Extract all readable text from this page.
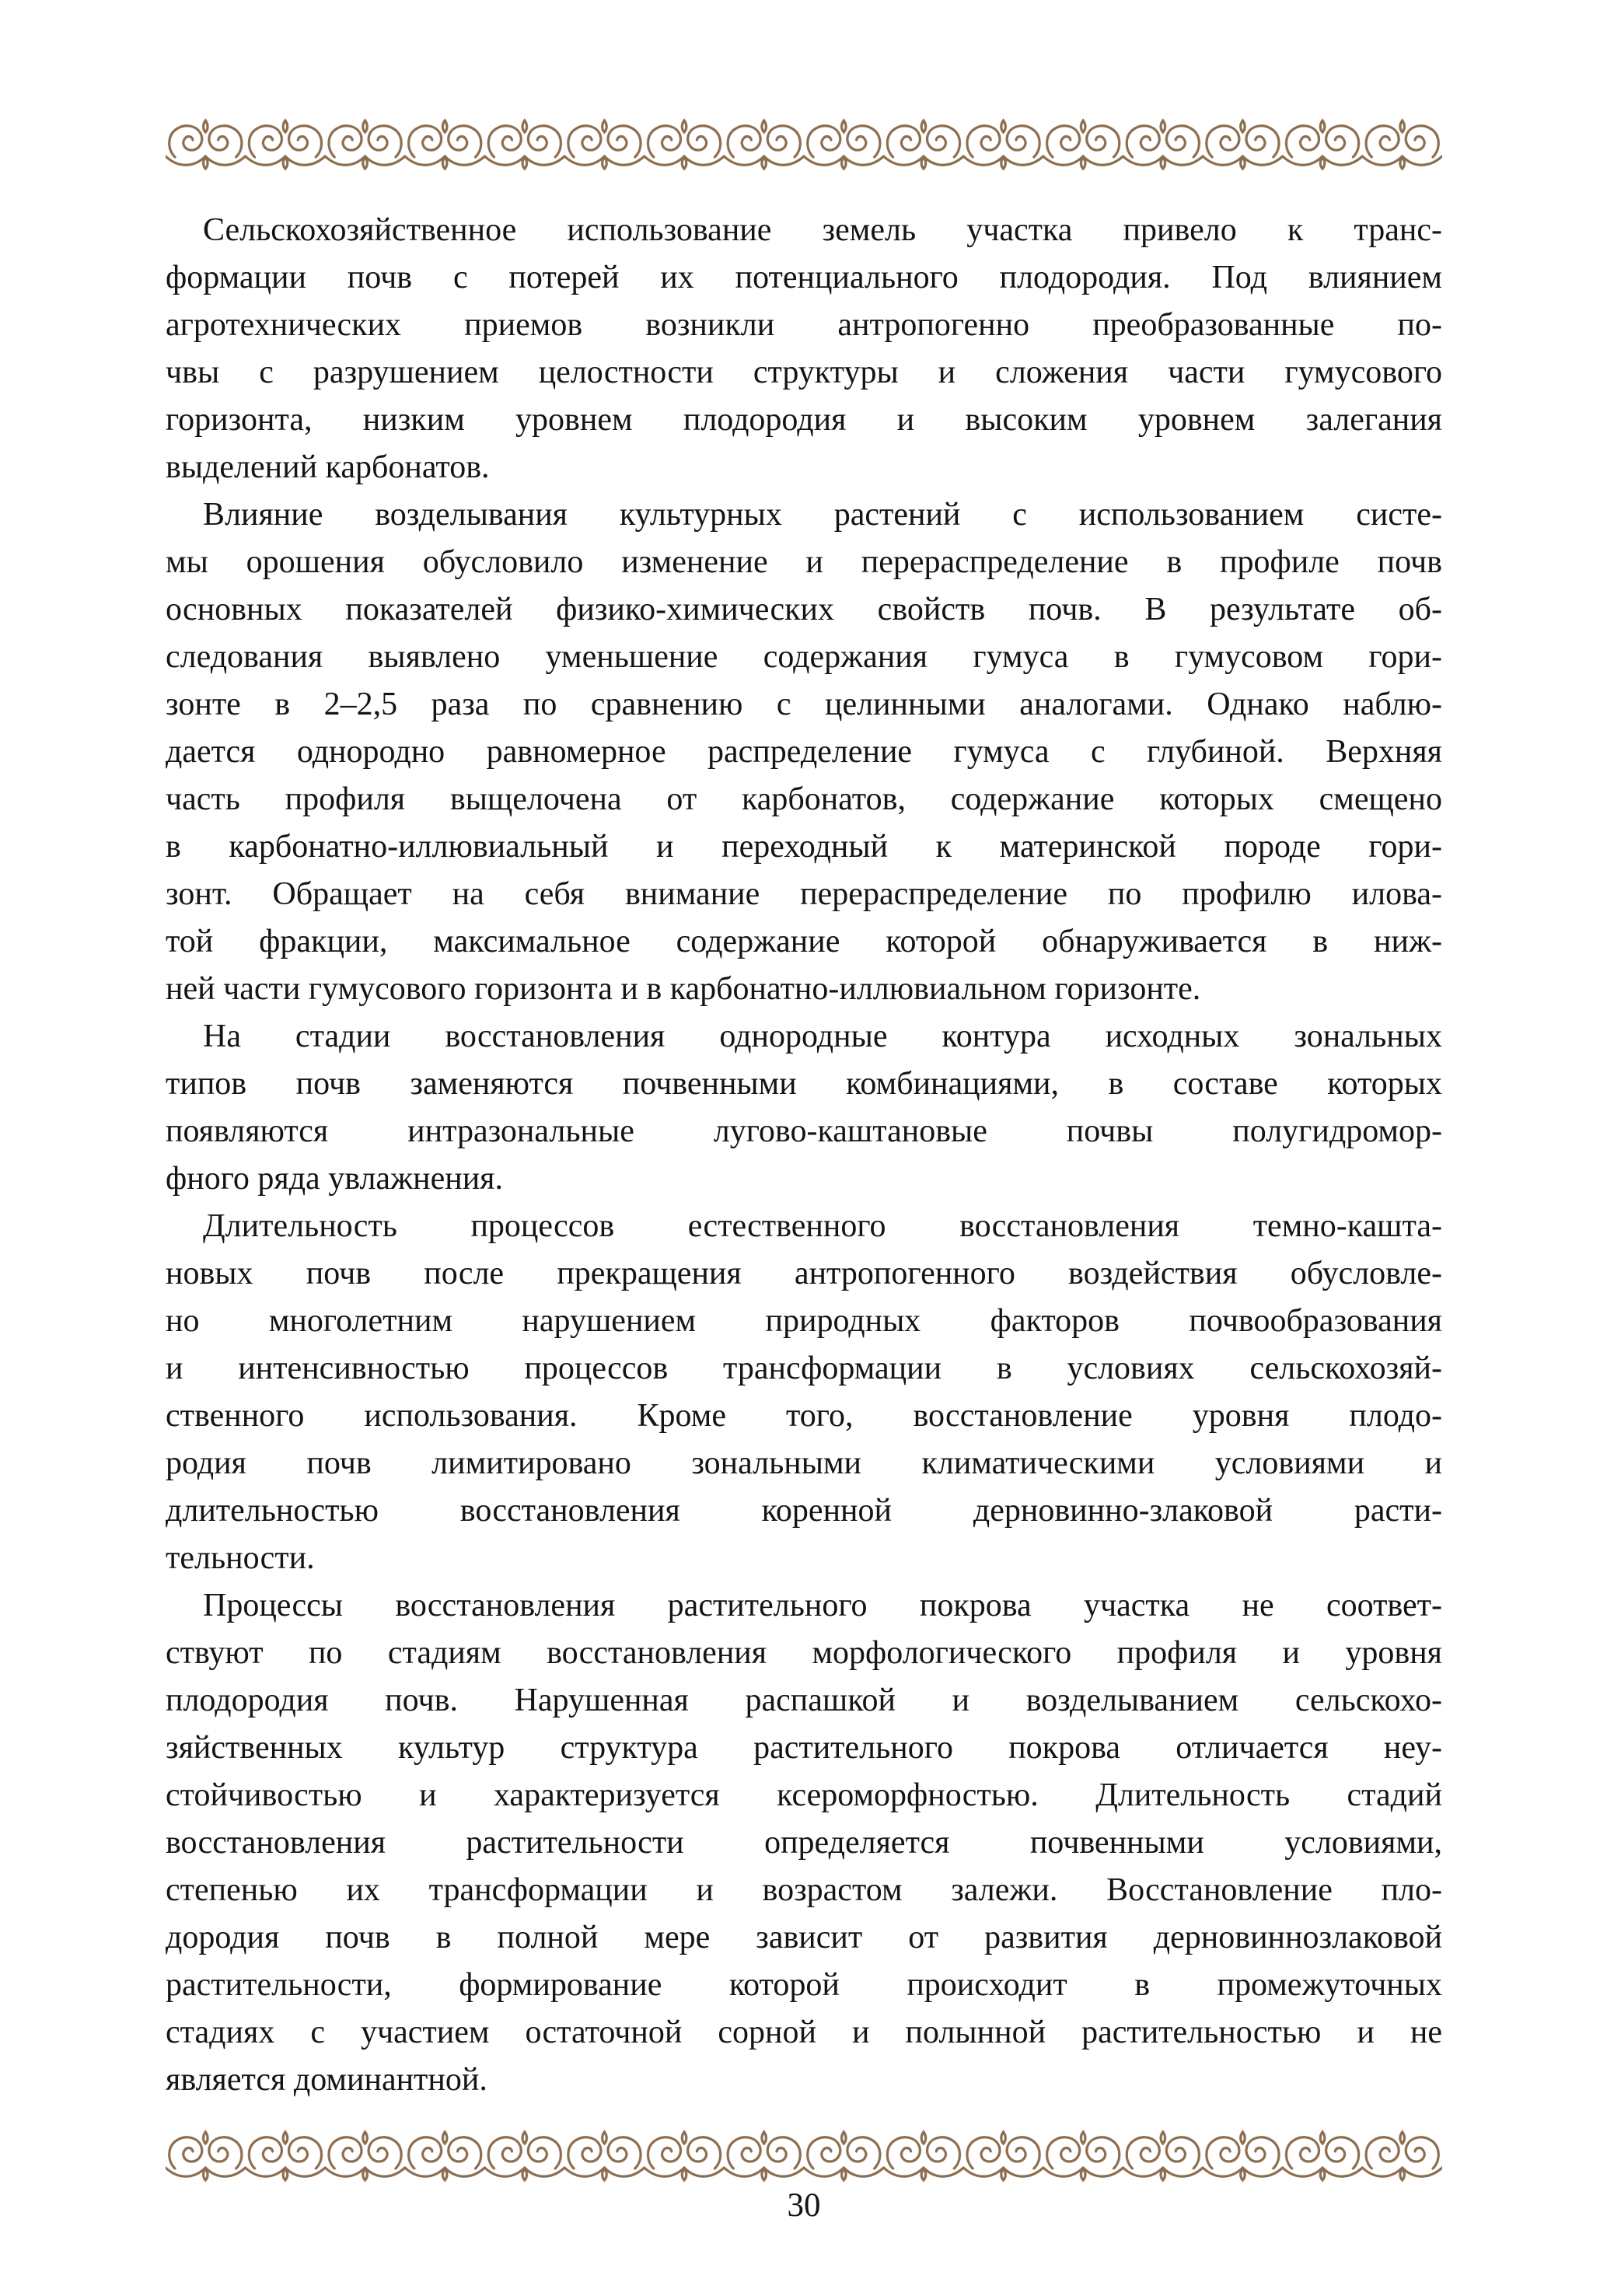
Сельскохозяйственное использование земель участка привело к транс-
формации почв с потерей их потенциального плодородия. Под влиянием
агротехнических приемов возникли антропогенно преобразованные по-
чвы с разрушением целостности структуры и сложения части гумусового
горизонта, низким уровнем плодородия и высоким уровнем залегания
выделений карбонатов.
Влияние возделывания культурных растений с использованием систе-
мы орошения обусловило изменение и перераспределение в профиле почв
основных показателей физико-химических свойств почв. В результате об-
следования выявлено уменьшение содержания гумуса в гумусовом гори-
зонте в 2–2,5 раза по сравнению с целинными аналогами. Однако наблю-
дается однородно равномерное распределение гумуса с глубиной. Верхняя
часть профиля выщелочена от карбонатов, содержание которых смещено
в карбонатно-иллювиальный и переходный к материнской породе гори-
зонт. Обращает на себя внимание перераспределение по профилю илова-
той фракции, максимальное содержание которой обнаруживается в ниж-
ней части гумусового горизонта и в карбонатно-иллювиальном горизонте.
На стадии восстановления однородные контура исходных зональных
типов почв заменяются почвенными комбинациями, в составе которых
появляются интразональные лугово-каштановые почвы полугидромор-
фного ряда увлажнения.
Длительность процессов естественного восстановления темно-кашта-
новых почв после прекращения антропогенного воздействия обусловле-
но многолетним нарушением природных факторов почвообразования
и интенсивностью процессов трансформации в условиях сельскохозяй-
ственного использования. Кроме того, восстановление уровня плодо-
родия почв лимитировано зональными климатическими условиями и
длительностью восстановления коренной дерновинно-злаковой расти-
тельности.
Процессы восстановления растительного покрова участка не соответ-
ствуют по стадиям восстановления морфологического профиля и уровня
плодородия почв. Нарушенная распашкой и возделыванием сельскохо-
зяйственных культур структура растительного покрова отличается неу-
стойчивостью и характеризуется ксероморфностью. Длительность стадий
восстановления растительности определяется почвенными условиями,
степенью их трансформации и возрастом залежи. Восстановление пло-
дородия почв в полной мере зависит от развития дерновиннозлаковой
растительности, формирование которой происходит в промежуточных
стадиях с участием остаточной сорной и полынной растительностью и не
является доминантной.
30
